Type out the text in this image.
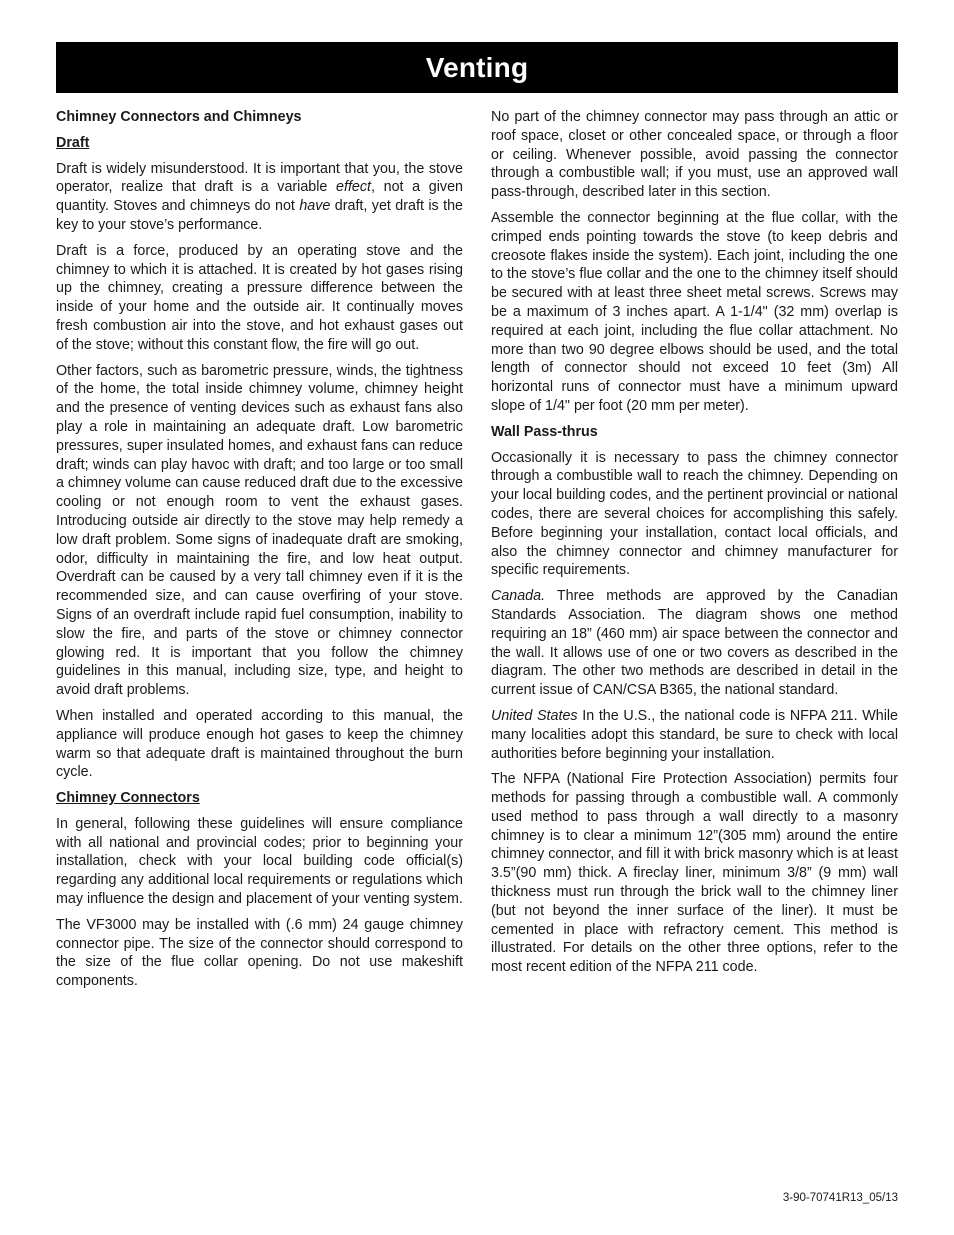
Venting
Chimney Connectors and Chimneys
Draft

Draft is widely misunderstood. It is important that you, the stove operator, realize that draft is a variable effect, not a given quantity. Stoves and chimneys do not have draft, yet draft is the key to your stove’s performance.

Draft is a force, produced by an operating stove and the chimney to which it is attached. It is created by hot gases rising up the chimney, creating a pressure difference between the inside of your home and the outside air. It continually moves fresh combustion air into the stove, and hot exhaust gases out of the stove; without this constant flow, the fire will go out.

Other factors, such as barometric pressure, winds, the tightness of the home, the total inside chimney volume, chimney height and the presence of venting devices such as exhaust fans also play a role in maintaining an adequate draft. Low barometric pressures, super insulated homes, and exhaust fans can reduce draft; winds can play havoc with draft; and too large or too small a chimney volume can cause reduced draft due to the excessive cooling or not enough room to vent the exhaust gases. Introducing outside air directly to the stove may help remedy a low draft problem. Some signs of inadequate draft are smoking, odor, difficulty in maintaining the fire, and low heat output. Overdraft can be caused by a very tall chimney even if it is the recommended size, and can cause overfiring of your stove. Signs of an overdraft include rapid fuel consumption, inability to slow the fire, and parts of the stove or chimney connector glowing red. It is important that you follow the chimney guidelines in this manual, including size, type, and height to avoid draft problems.

When installed and operated according to this manual, the appliance will produce enough hot gases to keep the chimney warm so that adequate draft is maintained throughout the burn cycle.

Chimney Connectors

In general, following these guidelines will ensure compliance with all national and provincial codes; prior to beginning your installation, check with your local building code official(s) regarding any additional local requirements or regulations which may influence the design and placement of your venting system.

The VF3000 may be installed with (.6 mm) 24 gauge chimney connector pipe. The size of the connector should correspond to the size of the flue collar opening. Do not use makeshift components.

No part of the chimney connector may pass through an attic or roof space, closet or other concealed space, or through a floor or ceiling. Whenever possible, avoid passing the connector through a combustible wall; if you must, use an approved wall pass-through, described later in this section.

Assemble the connector beginning at the flue collar, with the crimped ends pointing towards the stove (to keep debris and creosote flakes inside the system). Each joint, including the one to the stove’s flue collar and the one to the chimney itself should be secured with at least three sheet metal screws. Screws may be a maximum of 3 inches apart. A 1-1/4" (32 mm) overlap is required at each joint, including the flue collar attachment. No more than two 90 degree elbows should be used, and the total length of connector should not exceed 10 feet (3m) All horizontal runs of connector must have a minimum upward slope of 1/4" per foot (20 mm per meter).

Wall Pass-thrus

Occasionally it is necessary to pass the chimney connector through a combustible wall to reach the chimney. Depending on your local building codes, and the pertinent provincial or national codes, there are several choices for accomplishing this safely. Before beginning your installation, contact local officials, and also the chimney connector and chimney manufacturer for specific requirements.

Canada. Three methods are approved by the Canadian Standards Association. The diagram shows one method requiring an 18” (460 mm) air space between the connector and the wall. It allows use of one or two covers as described in the diagram. The other two methods are described in detail in the current issue of CAN/CSA B365, the national standard.

United States In the U.S., the national code is NFPA 211. While many localities adopt this standard, be sure to check with local authorities before beginning your installation.

The NFPA (National Fire Protection Association) permits four methods for passing through a combustible wall. A commonly used method to pass through a wall directly to a masonry chimney is to clear a minimum 12”(305 mm) around the entire chimney connector, and fill it with brick masonry which is at least 3.5”(90 mm) thick. A fireclay liner, minimum 3/8” (9 mm) wall thickness must run through the brick wall to the chimney liner (but not beyond the inner surface of the liner). It must be cemented in place with refractory cement. This method is illustrated. For details on the other three options, refer to the most recent edition of the NFPA 211 code.

3-90-70741R13_05/13
